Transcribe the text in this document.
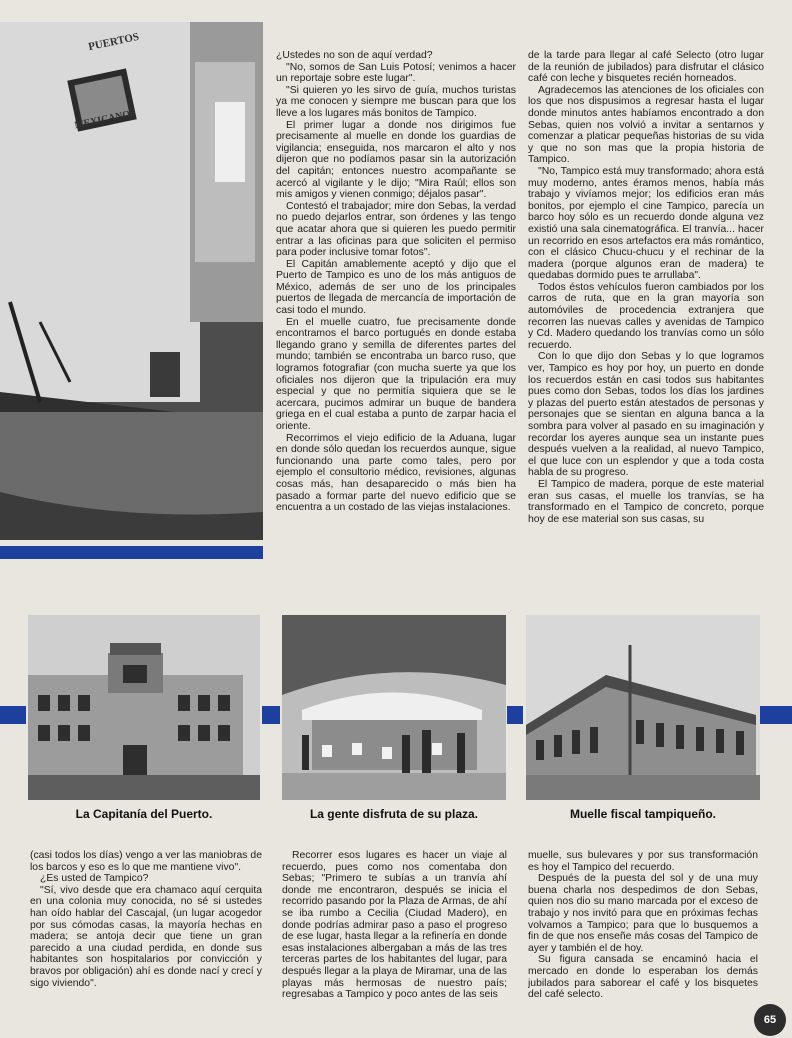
PUERTOS
MEXICANOS

¿Ustedes no son de aquí verdad?

"No, somos de San Luis Potosí; venimos a hacer un reportaje sobre este lugar".

"Si quieren yo les sirvo de guía, muchos turistas ya me conocen y siempre me buscan para que los lleve a los lugares más bonitos de Tampico.

El primer lugar a donde nos dirigimos fue precisamente al muelle en donde los guardias de vigilancia; enseguida, nos marcaron el alto y nos dijeron que no podíamos pasar sin la autorización del capitán; entonces nuestro acompañante se acercó al vigilante y le dijo; "Mira Raúl; ellos son mis amigos y vienen conmigo; déjalos pasar".

Contestó el trabajador; mire don Sebas, la verdad no puedo dejarlos entrar, son órdenes y las tengo que acatar ahora que si quieren les puedo permitir entrar a las oficinas para que soliciten el permiso para poder inclusive tomar fotos".

El Capitán amablemente aceptó y dijo que el Puerto de Tampico es uno de los más antiguos de México, además de ser uno de los principales puertos de llegada de mercancía de importación de casi todo el mundo.

En el muelle cuatro, fue precisamente donde encontramos el barco portugués en donde estaba llegando grano y semilla de diferentes partes del mundo; también se encontraba un barco ruso, que logramos fotografiar (con mucha suerte ya que los oficiales nos dijeron que la tripulación era muy especial y que no permitía siquiera que se le acercara, pucimos admirar un buque de bandera griega en el cual estaba a punto de zarpar hacia el oriente.

Recorrimos el viejo edificio de la Aduana, lugar en donde sólo quedan los recuerdos aunque, sigue funcionando una parte como tales, pero por ejemplo el consultorio médico, revisiones, algunas cosas más, han desaparecido o más bien ha pasado a formar parte del nuevo edificio que se encuentra a un costado de las viejas instalaciones.

de la tarde para llegar al café Selecto (otro lugar de la reunión de jubilados) para disfrutar el clásico café con leche y bisquetes recién horneados.

Agradecemos las atenciones de los oficiales con los que nos dispusimos a regresar hasta el lugar donde minutos antes habíamos encontrado a don Sebas, quien nos volvió a invitar a sentarnos y comenzar a platicar pequeñas historias de su vida y que no son mas que la propia historia de Tampico.

"No, Tampico está muy transformado; ahora está muy moderno, antes éramos menos, había más trabajo y vivíamos mejor; los edificios eran más bonitos, por ejemplo el cine Tampico, parecía un barco hoy sólo es un recuerdo donde alguna vez existió una sala cinematográfica. El tranvía... hacer un recorrido en esos artefactos era más romántico, con el clásico Chucu-chucu y el rechinar de la madera (porque algunos eran de madera) te quedabas dormido pues te arrullaba".

Todos éstos vehículos fueron cambiados por los carros de ruta, que en la gran mayoría son automóviles de procedencia extranjera que recorren las nuevas calles y avenidas de Tampico y Cd. Madero quedando los tranvías como un sólo recuerdo.

Con lo que dijo don Sebas y lo que logramos ver, Tampico es hoy por hoy, un puerto en donde los recuerdos están en casi todos sus habitantes pues como don Sebas, todos los días los jardines y plazas del puerto están atestados de personas y personajes que se sientan en alguna banca a la sombra para volver al pasado en su imaginación y recordar los ayeres aunque sea un instante pues después vuelven a la realidad, al nuevo Tampico, el que luce con un esplendor y que a toda costa habla de su progreso.

El Tampico de madera, porque de este material eran sus casas, el muelle los tranvías, se ha transformado en el Tampico de concreto, porque hoy de ese material son sus casas, su

La Capitanía del Puerto.	La gente disfruta de su plaza.	Muelle fiscal tampiqueño.

(casi todos los días) vengo a ver las maniobras de los barcos y eso es lo que me mantiene vivo".

¿Es usted de Tampico?

"Sí, vivo desde que era chamaco aquí cerquita en una colonia muy conocida, no sé si ustedes han oído hablar del Cascajal, (un lugar acogedor por sus cómodas casas, la mayoría hechas en madera; se antoja decir que tiene un gran parecido a una ciudad perdida, en donde sus habitantes son hospitalarios por convicción y bravos por obligación) ahí es donde nací y crecí y sigo viviendo".

Recorrer esos lugares es hacer un viaje al recuerdo, pues como nos comentaba don Sebas; "Primero te subías a un tranvía ahí donde me encontraron, después se inicia el recorrido pasando por la Plaza de Armas, de ahí se iba rumbo a Cecilia (Ciudad Madero), en donde podrías admirar paso a paso el progreso de ese lugar, hasta llegar a la refinería en donde esas instalaciones albergaban a más de las tres terceras partes de los habitantes del lugar, para después llegar a la playa de Miramar, una de las playas más hermosas de nuestro país; regresabas a Tampico y poco antes de las seis

muelle, sus bulevares y por sus transformación es hoy el Tampico del recuerdo.

Después de la puesta del sol y de una muy buena charla nos despedimos de don Sebas, quien nos dio su mano marcada por el exceso de trabajo y nos invitó para que en próximas fechas volvamos a Tampico; para que lo busquemos a fin de que nos enseñe más cosas del Tampico de ayer y también el de hoy.

Su figura cansada se encaminó hacia el mercado en donde lo esperaban los demás jubilados para saborear el café y los bisquetes del café selecto.

65
